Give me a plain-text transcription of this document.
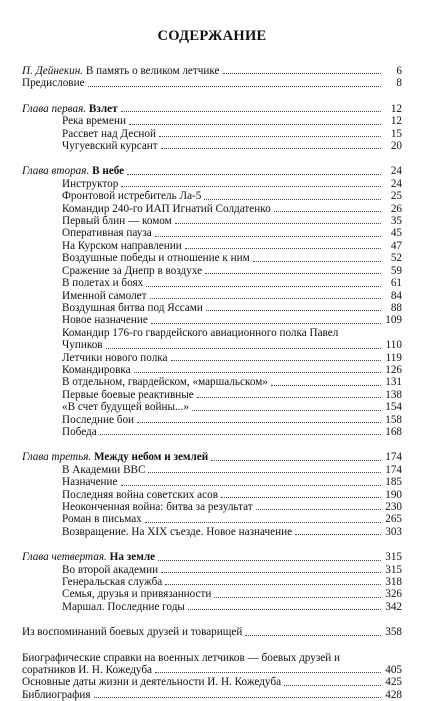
СОДЕРЖАНИЕ
П. Дейнекин. В память о великом летчике	6
Предисловие	8
Глава первая. Взлет	12
Река времени	12
Рассвет над Десной	15
Чугуевский курсант	20
Глава вторая. В небе	24
Инструктор	24
Фронтовой истребитель Ла-5	25
Командир 240-го ИАП Игнатий Солдатенко	26
Первый блин — комом	35
Оперативная пауза	45
На Курском направлении	47
Воздушные победы и отношение к ним	52
Сражение за Днепр в воздухе	59
В полетах и боях	61
Именной самолет	84
Воздушная битва под Яссами	88
Новое назначение	109
Командир 176-го гвардейского авиационного полка Павел
Чупиков	110
Летчики нового полка	119
Командировка	126
В отдельном, гвардейском, «маршальском»	131
Первые боевые реактивные	138
«В счет будущей войны...»	154
Последние бои	158
Победа	168
Глава третья. Между небом и землей	174
В Академии ВВС	174
Назначение	185
Последняя война советских асов	190
Неоконченная война: битва за результат	230
Роман в письмах	265
Возвращение. На XIX съезде. Новое назначение	303
Глава четвертая. На земле	315
Во второй академии	315
Генеральская служба	318
Семья, друзья и привязанности	326
Маршал. Последние годы	342
Из воспоминаний боевых друзей и товарищей	358
Биографические справки на военных летчиков — боевых друзей и
соратников И. Н. Кожедуба	405
Основные даты жизни и деятельности И. Н. Кожедуба	425
Библиография	428
